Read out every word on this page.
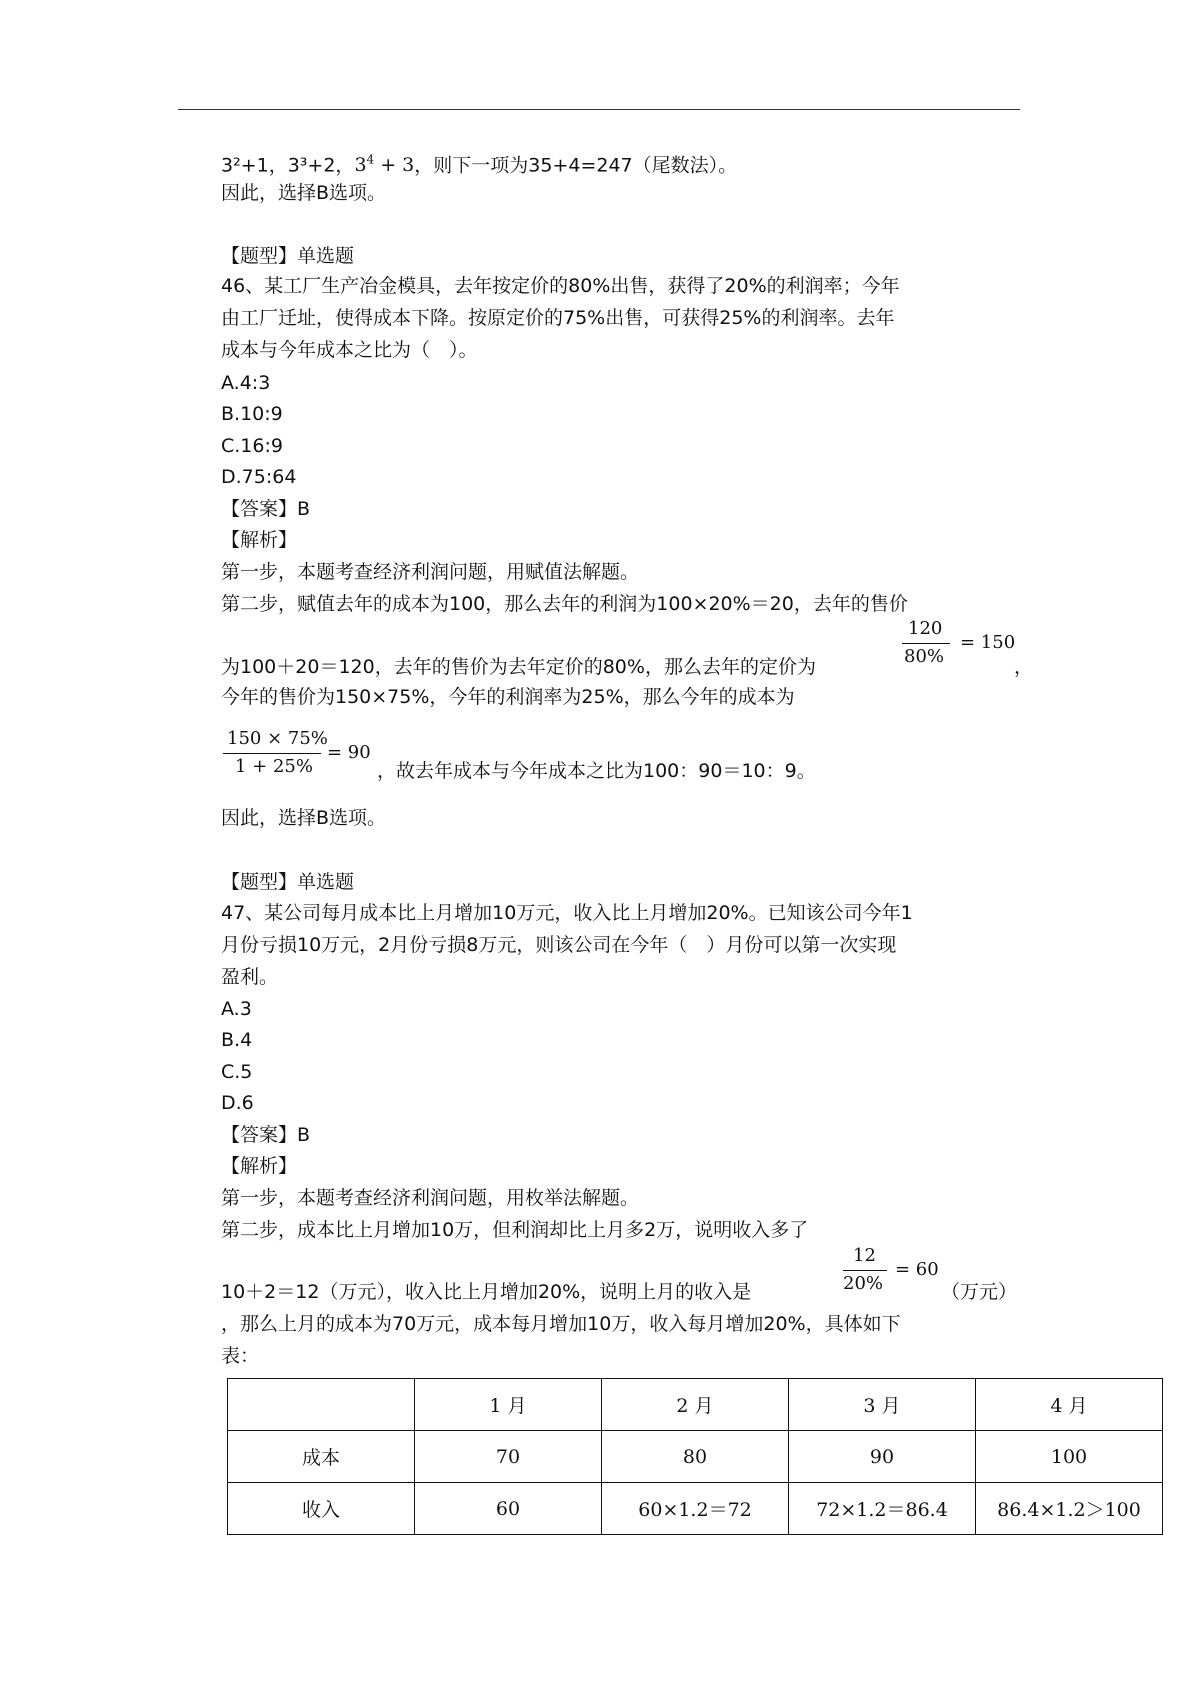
3²+1，3³+2，$3^4 + 3$，则下一项为35+4=247（尾数法）。
因此，选择B选项。
【题型】单选题
46、某工厂生产冶金模具，去年按定价的80%出售，获得了20%的利润率；今年
由工厂迁址，使得成本下降。按原定价的75%出售，可获得25%的利润率。去年
成本与今年成本之比为（　）。
A.4:3
B.10:9
C.16:9
D.75:64
【答案】B
【解析】
第一步，本题考查经济利润问题，用赋值法解题。
第二步，赋值去年的成本为100，那么去年的利润为100×20%＝20，去年的售价
为100＋20＝120，去年的售价为去年定价的80%，那么去年的定价为
120
80%
= 150
，
今年的售价为150×75%，今年的利润率为25%，那么今年的成本为
150 × 75%
1 + 25%
= 90
，故去年成本与今年成本之比为100：90＝10：9。
因此，选择B选项。
【题型】单选题
47、某公司每月成本比上月增加10万元，收入比上月增加20%。已知该公司今年1
月份亏损10万元，2月份亏损8万元，则该公司在今年（　）月份可以第一次实现
盈利。
A.3
B.4
C.5
D.6
【答案】B
【解析】
第一步，本题考查经济利润问题，用枚举法解题。
第二步，成本比上月增加10万，但利润却比上月多2万，说明收入多了
10＋2＝12（万元），收入比上月增加20%，说明上月的收入是
12
20%
= 60
（万元）
，那么上月的成本为70万元，成本每月增加10万，收入每月增加20%，具体如下
表：
	1 月	2 月	3 月	4 月
成本	70	80	90	100
收入	60	60×1.2＝72	72×1.2＝86.4	86.4×1.2＞100
